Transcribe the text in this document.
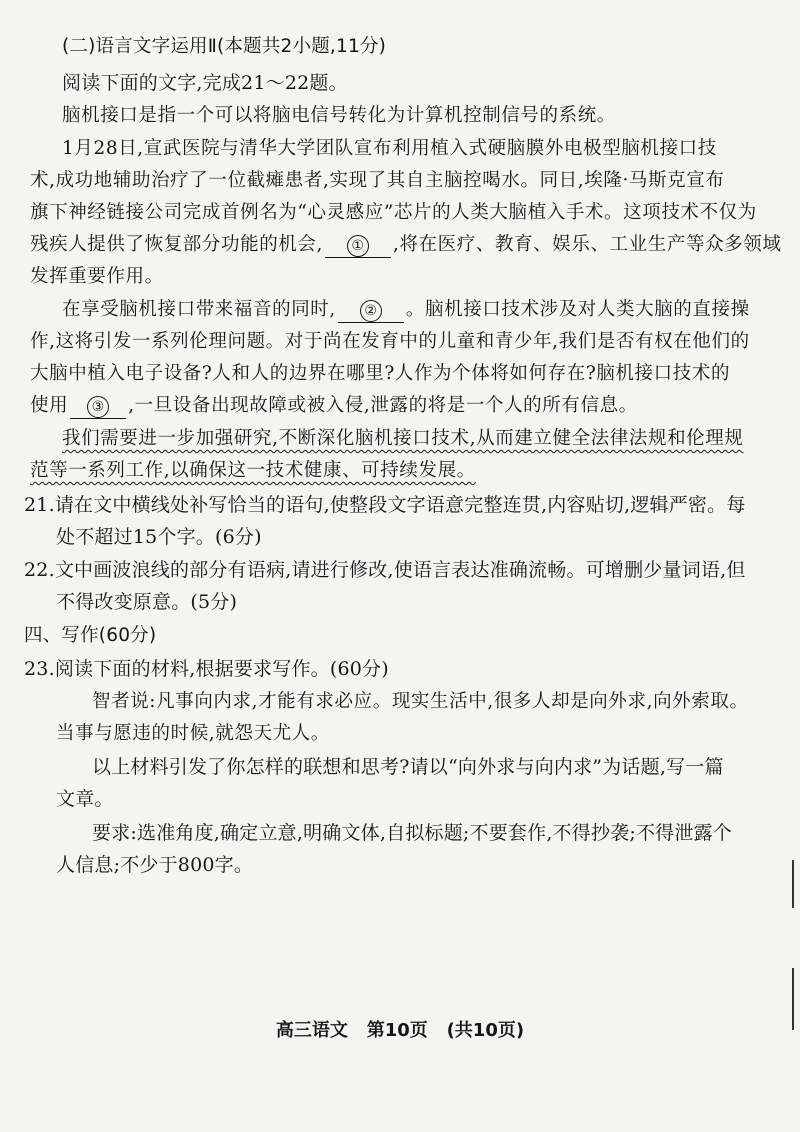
(二)语言文字运用Ⅱ(本题共2小题,11分)
阅读下面的文字,完成21～22题。
脑机接口是指一个可以将脑电信号转化为计算机控制信号的系统。
1月28日,宣武医院与清华大学团队宣布利用植入式硬脑膜外电极型脑机接口技
术,成功地辅助治疗了一位截瘫患者,实现了其自主脑控喝水。同日,埃隆·马斯克宣布
旗下神经链接公司完成首例名为“心灵感应”芯片的人类大脑植入手术。这项技术不仅为
残疾人提供了恢复部分功能的机会, ① ,将在医疗、教育、娱乐、工业生产等众多领域
发挥重要作用。
在享受脑机接口带来福音的同时, ② 。脑机接口技术涉及对人类大脑的直接操
作,这将引发一系列伦理问题。对于尚在发育中的儿童和青少年,我们是否有权在他们的
大脑中植入电子设备?人和人的边界在哪里?人作为个体将如何存在?脑机接口技术的
使用 ③ ,一旦设备出现故障或被入侵,泄露的将是一个人的所有信息。
我们需要进一步加强研究,不断深化脑机接口技术,从而建立健全法律法规和伦理规
范等一系列工作,以确保这一技术健康、可持续发展。
21.请在文中横线处补写恰当的语句,使整段文字语意完整连贯,内容贴切,逻辑严密。每
处不超过15个字。(6分)
22.文中画波浪线的部分有语病,请进行修改,使语言表达准确流畅。可增删少量词语,但
不得改变原意。(5分)
四、写作(60分)
23.阅读下面的材料,根据要求写作。(60分)
智者说:凡事向内求,才能有求必应。现实生活中,很多人却是向外求,向外索取。
当事与愿违的时候,就怨天尤人。
以上材料引发了你怎样的联想和思考?请以“向外求与向内求”为话题,写一篇
文章。
要求:选准角度,确定立意,明确文体,自拟标题;不要套作,不得抄袭;不得泄露个
人信息;不少于800字。
高三语文 第10页 (共10页)
